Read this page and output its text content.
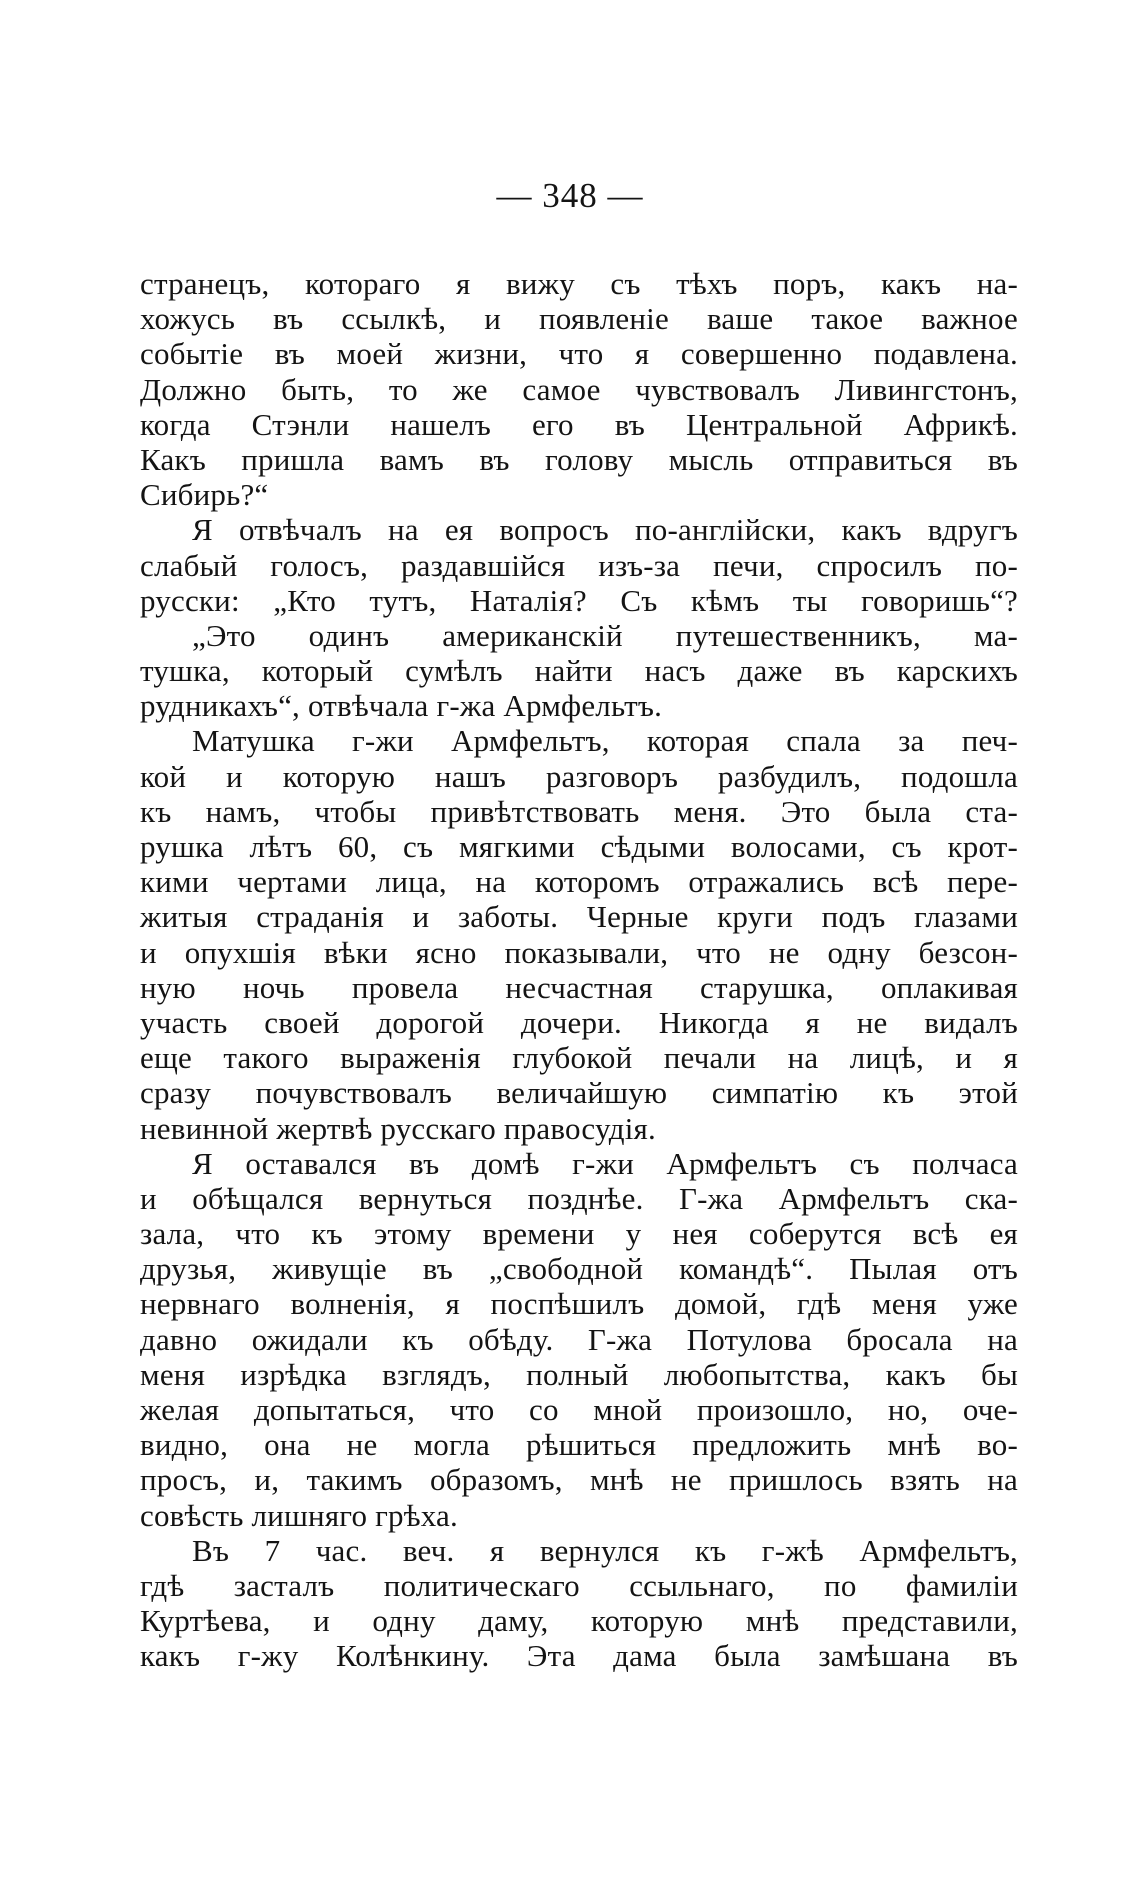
— 348 —
странецъ, котораго я вижу съ тѣхъ поръ, какъ на-
хожусь въ ссылкѣ, и появленіе ваше такое важное
событіе въ моей жизни, что я совершенно подавлена.
Должно быть, то же самое чувствовалъ Ливингстонъ,
когда Стэнли нашелъ его въ Центральной Африкѣ.
Какъ пришла вамъ въ голову мысль отправиться въ
Сибирь?“
Я отвѣчалъ на ея вопросъ по-англійски, какъ вдругъ
слабый голосъ, раздавшійся изъ-за печи, спросилъ по-
русски: „Кто тутъ, Наталія? Съ кѣмъ ты говоришь“?
„Это одинъ американскій путешественникъ, ма-
тушка, который сумѣлъ найти насъ даже въ карскихъ
рудникахъ“, отвѣчала г-жа Армфельтъ.
Матушка г-жи Армфельтъ, которая спала за печ-
кой и которую нашъ разговоръ разбудилъ, подошла
къ намъ, чтобы привѣтствовать меня. Это была ста-
рушка лѣтъ 60, съ мягкими сѣдыми волосами, съ крот-
кими чертами лица, на которомъ отражались всѣ пере-
житыя страданія и заботы. Черные круги подъ глазами
и опухшія вѣки ясно показывали, что не одну безсон-
ную ночь провела несчастная старушка, оплакивая
участь своей дорогой дочери. Никогда я не видалъ
еще такого выраженія глубокой печали на лицѣ, и я
сразу почувствовалъ величайшую симпатію къ этой
невинной жертвѣ русскаго правосудія.
Я оставался въ домѣ г-жи Армфельтъ съ полчаса
и обѣщался вернуться позднѣе. Г-жа Армфельтъ ска-
зала, что къ этому времени у нея соберутся всѣ ея
друзья, живущіе въ „свободной командѣ“. Пылая отъ
нервнаго волненія, я поспѣшилъ домой, гдѣ меня уже
давно ожидали къ обѣду. Г-жа Потулова бросала на
меня изрѣдка взглядъ, полный любопытства, какъ бы
желая допытаться, что со мной произошло, но, оче-
видно, она не могла рѣшиться предложить мнѣ во-
просъ, и, такимъ образомъ, мнѣ не пришлось взять на
совѣсть лишняго грѣха.
Въ 7 час. веч. я вернулся къ г-жѣ Армфельтъ,
гдѣ засталъ политическаго ссыльнаго, по фамиліи
Куртѣева, и одну даму, которую мнѣ представили,
какъ г-жу Колѣнкину. Эта дама была замѣшана въ
